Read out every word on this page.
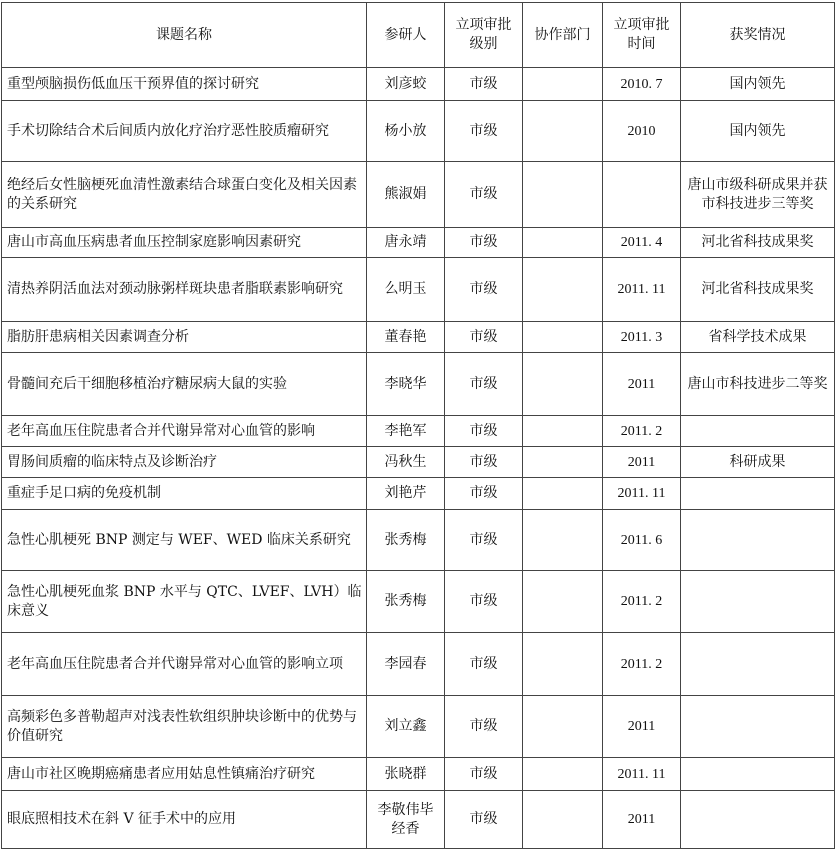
课题名称	参研人	立项审批级别	协作部门	立项审批时间	获奖情况
重型颅脑损伤低血压干预界值的探讨研究	刘彦蛟	市级		2010. 7	国内领先
手术切除结合术后间质内放化疗治疗恶性胶质瘤研究	杨小放	市级		2010	国内领先
绝经后女性脑梗死血清性激素结合球蛋白变化及相关因素的关系研究	熊淑娟	市级			唐山市级科研成果并获市科技进步三等奖
唐山市高血压病患者血压控制家庭影响因素研究	唐永靖	市级		2011. 4	河北省科技成果奖
清热养阴活血法对颈动脉粥样斑块患者脂联素影响研究	么明玉	市级		2011. 11	河北省科技成果奖
脂肪肝患病相关因素调查分析	董春艳	市级		2011. 3	省科学技术成果
骨髓间充后干细胞移植治疗糖尿病大鼠的实验	李晓华	市级		2011	唐山市科技进步二等奖
老年高血压住院患者合并代谢异常对心血管的影响	李艳军	市级		2011. 2	
胃肠间质瘤的临床特点及诊断治疗	冯秋生	市级		2011	科研成果
重症手足口病的免疫机制	刘艳芹	市级		2011. 11	
急性心肌梗死 BNP 测定与 WEF、WED 临床关系研究	张秀梅	市级		2011. 6	
急性心肌梗死血浆 BNP 水平与 QTC、LVEF、LVH）临床意义	张秀梅	市级		2011. 2	
老年高血压住院患者合并代谢异常对心血管的影响立项	李园春	市级		2011. 2	
高频彩色多普勒超声对浅表性软组织肿块诊断中的优势与价值研究	刘立鑫	市级		2011	
唐山市社区晚期癌痛患者应用姑息性镇痛治疗研究	张晓群	市级		2011. 11	
眼底照相技术在斜 V 征手术中的应用	李敬伟毕经香	市级		2011	
